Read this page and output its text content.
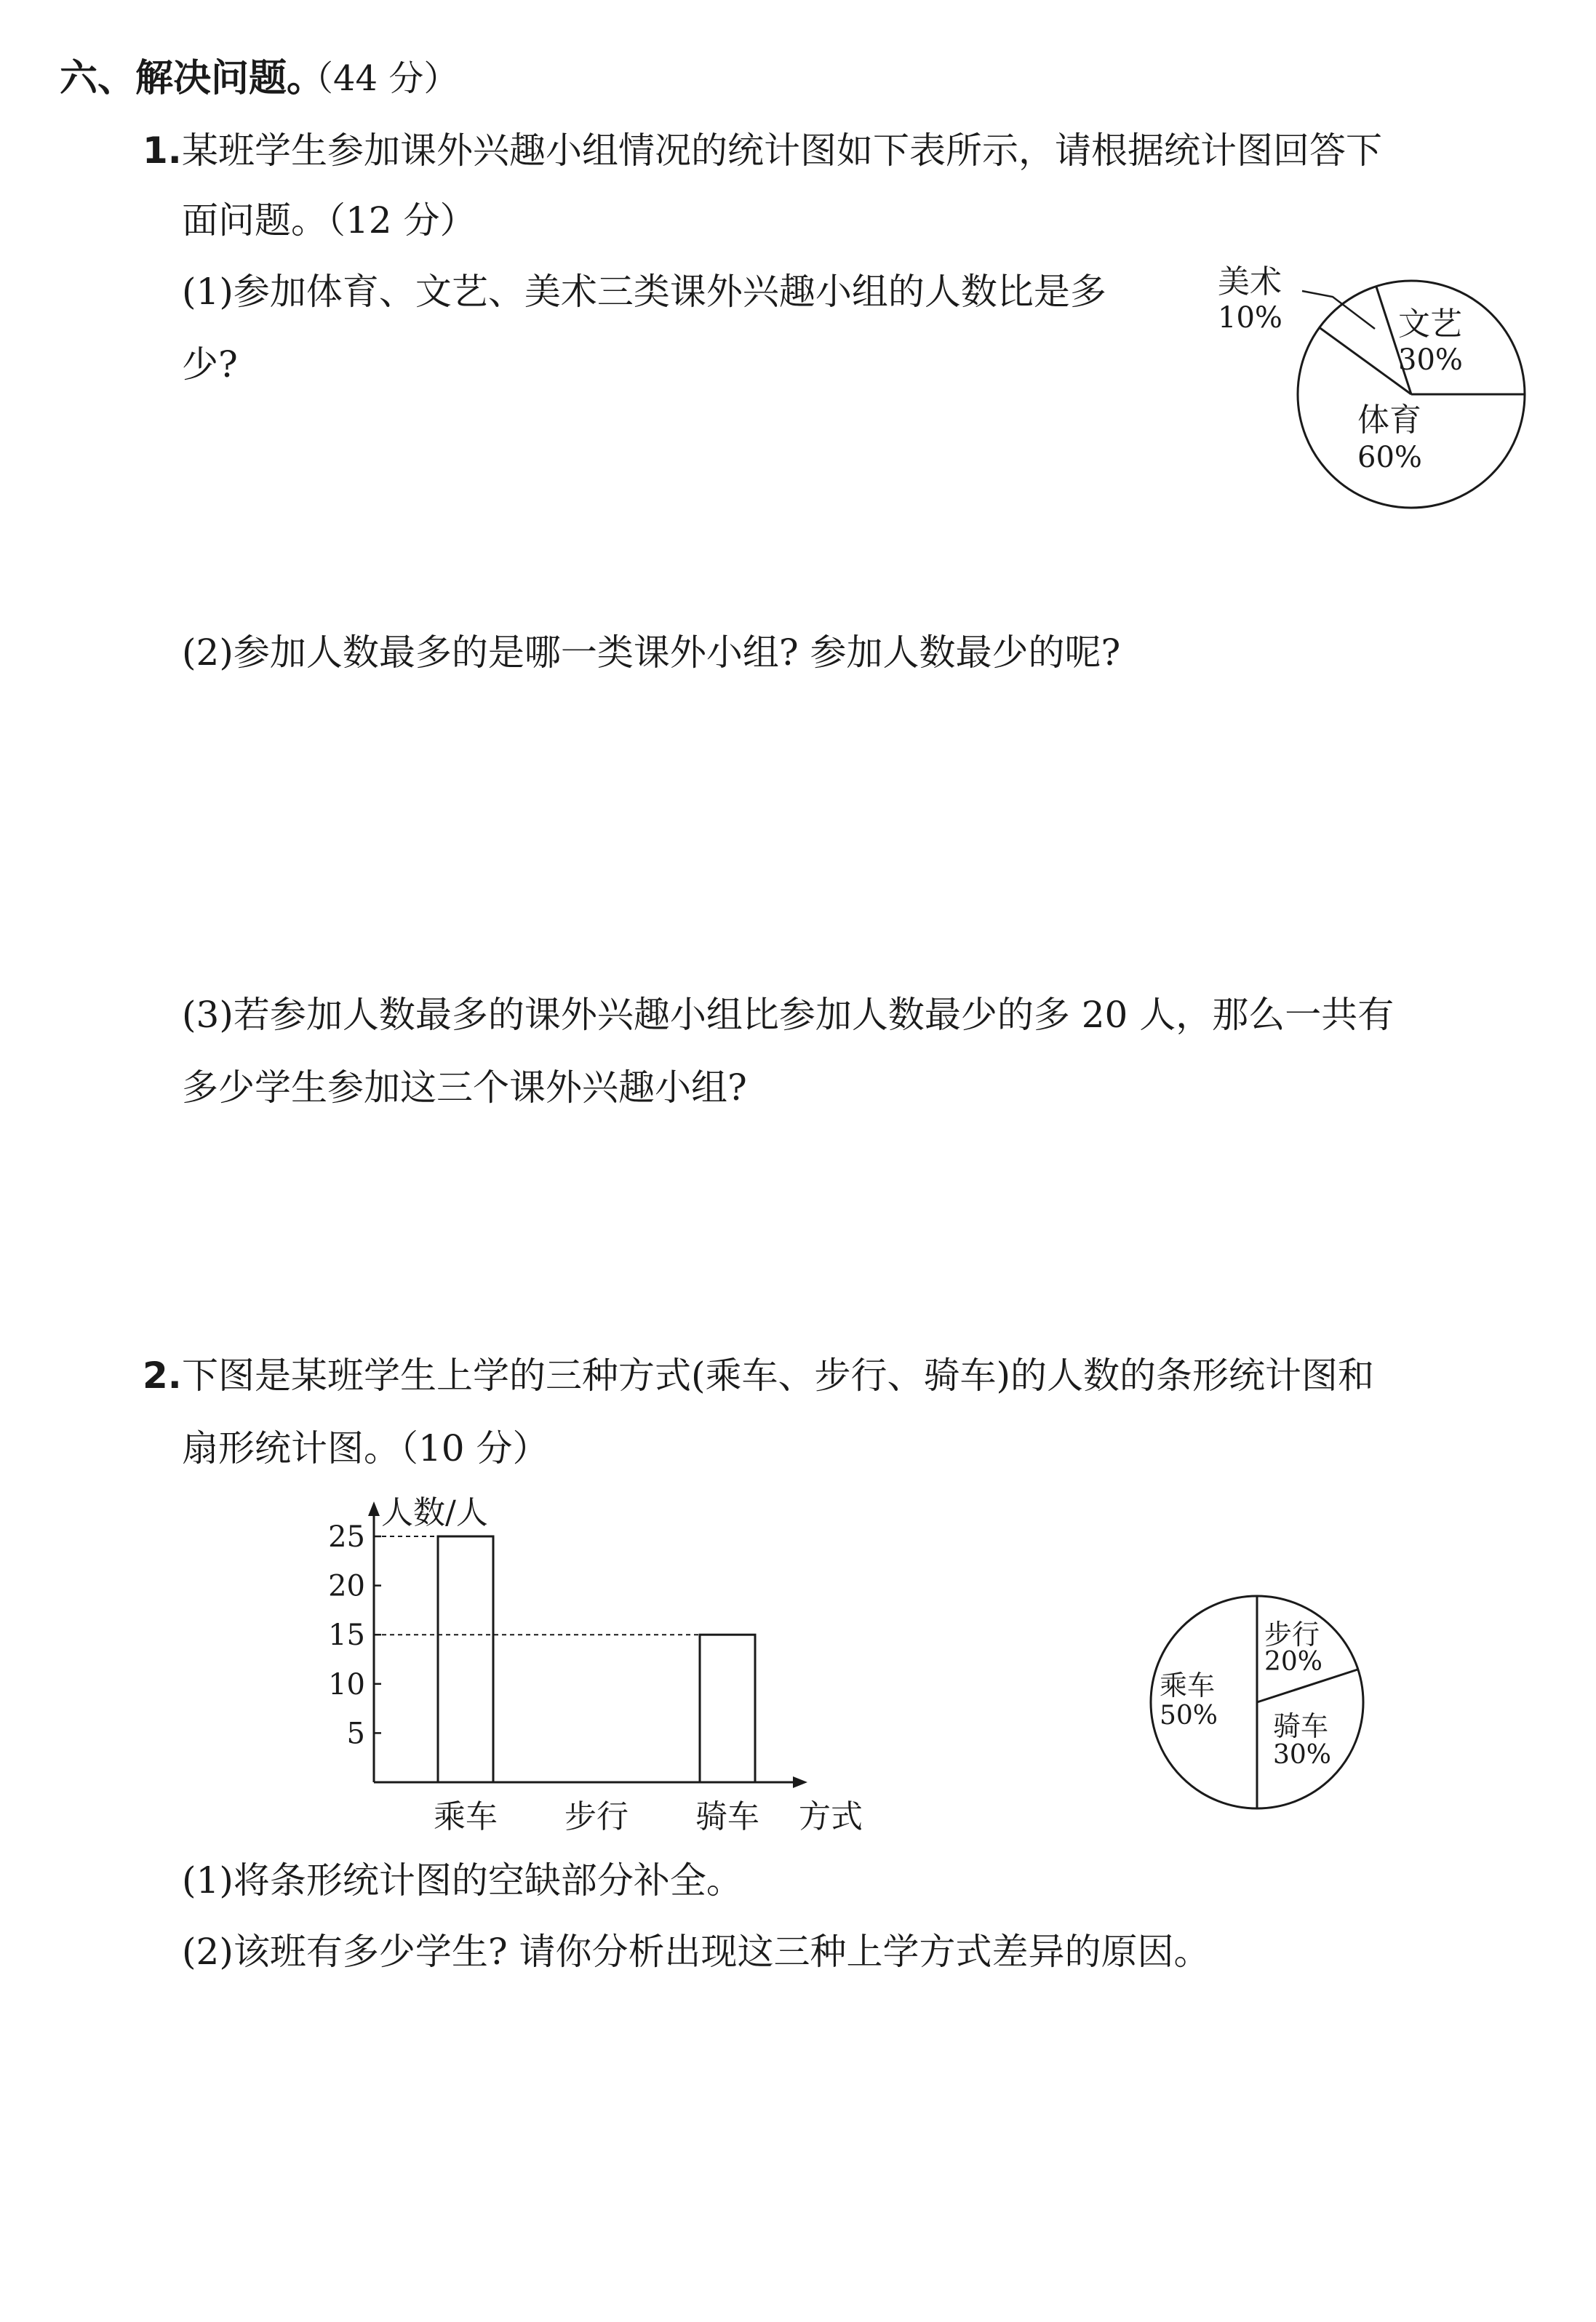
六、解决问题。
（44 分）
1. 某班学生参加课外兴趣小组情况的统计图如下表所示，请根据统计图回答下
面问题。（12 分）
(1)参加体育、文艺、美术三类课外兴趣小组的人数比是多
少?
(2)参加人数最多的是哪一类课外小组? 参加人数最少的呢?
(3)若参加人数最多的课外兴趣小组比参加人数最少的多 20 人，那么一共有
多少学生参加这三个课外兴趣小组?
美术
10%	文艺
30%
体育
60%
2. 下图是某班学生上学的三种方式(乘车、步行、骑车)的人数的条形统计图和
扇形统计图。（10 分）
人数/人
方式
5
10
15
20
25
乘车 步行 骑车
乘车
50%
步行
20%
骑车
30%
(1)将条形统计图的空缺部分补全。
(2)该班有多少学生? 请你分析出现这三种上学方式差异的原因。
